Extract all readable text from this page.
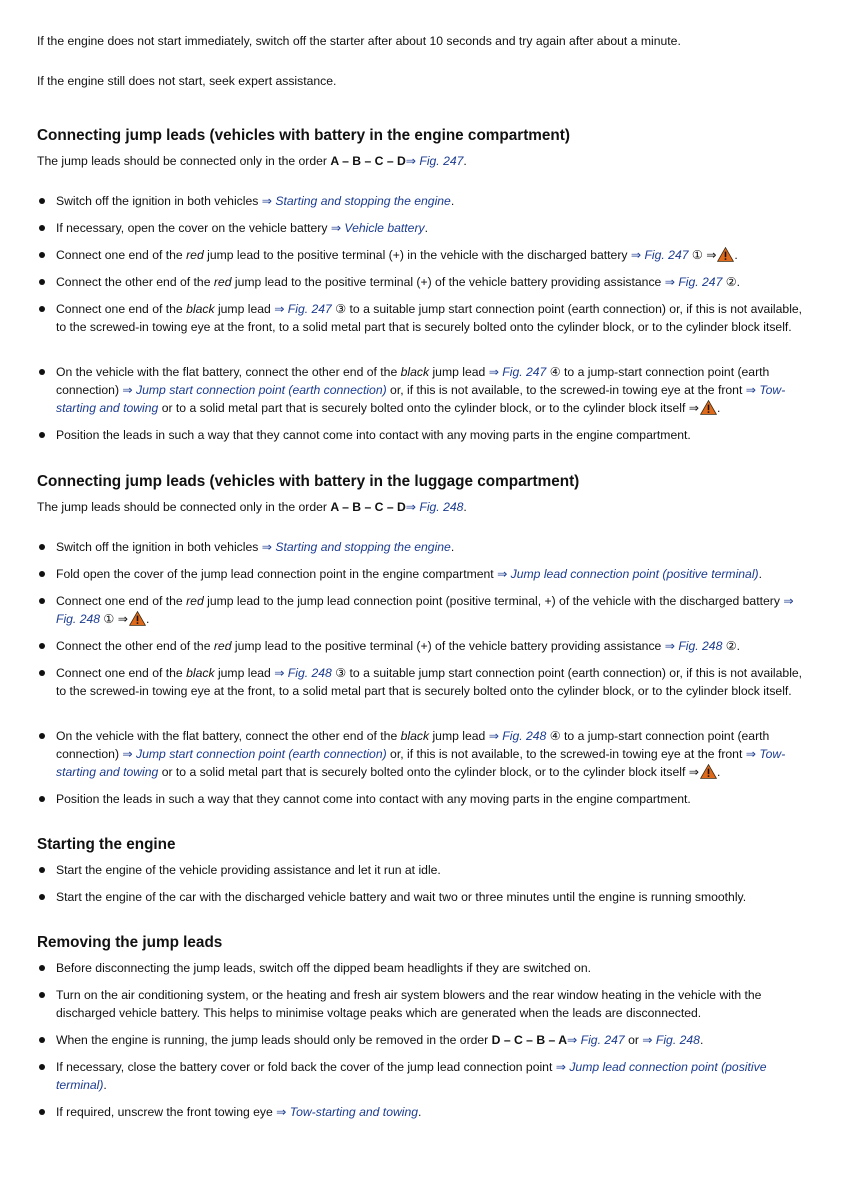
If the engine does not start immediately, switch off the starter after about 10 seconds and try again after about a minute.

If the engine still does not start, seek expert assistance.

Connecting jump leads (vehicles with battery in the engine compartment)

The jump leads should be connected only in the order A – B – C – D⇒ Fig. 247.

Switch off the ignition in both vehicles ⇒ Starting and stopping the engine.
If necessary, open the cover on the vehicle battery ⇒ Vehicle battery.
Connect one end of the red jump lead to the positive terminal (+) in the vehicle with the discharged battery ⇒ Fig. 247 ① ⇒ .
Connect the other end of the red jump lead to the positive terminal (+) of the vehicle battery providing assistance ⇒ Fig. 247 ②.
Connect one end of the black jump lead ⇒ Fig. 247 ③ to a suitable jump start connection point (earth connection) or, if this is not available, to the screwed-in towing eye at the front, to a solid metal part that is securely bolted onto the cylinder block, or to the cylinder block itself.
On the vehicle with the flat battery, connect the other end of the black jump lead ⇒ Fig. 247 ④ to a jump-start connection point (earth connection) ⇒ Jump start connection point (earth connection) or, if this is not available, to the screwed-in towing eye at the front ⇒ Tow-starting and towing or to a solid metal part that is securely bolted onto the cylinder block, or to the cylinder block itself ⇒ .
Position the leads in such a way that they cannot come into contact with any moving parts in the engine compartment.
Connecting jump leads (vehicles with battery in the luggage compartment)

The jump leads should be connected only in the order A – B – C – D⇒ Fig. 248.

Switch off the ignition in both vehicles ⇒ Starting and stopping the engine.
Fold open the cover of the jump lead connection point in the engine compartment ⇒ Jump lead connection point (positive terminal).
Connect one end of the red jump lead to the jump lead connection point (positive terminal, +) of the vehicle with the discharged battery ⇒ Fig. 248 ① ⇒ .
Connect the other end of the red jump lead to the positive terminal (+) of the vehicle battery providing assistance ⇒ Fig. 248 ②.
Connect one end of the black jump lead ⇒ Fig. 248 ③ to a suitable jump start connection point (earth connection) or, if this is not available, to the screwed-in towing eye at the front, to a solid metal part that is securely bolted onto the cylinder block, or to the cylinder block itself.
On the vehicle with the flat battery, connect the other end of the black jump lead ⇒ Fig. 248 ④ to a jump-start connection point (earth connection) ⇒ Jump start connection point (earth connection) or, if this is not available, to the screwed-in towing eye at the front ⇒ Tow-starting and towing or to a solid metal part that is securely bolted onto the cylinder block, or to the cylinder block itself ⇒ .
Position the leads in such a way that they cannot come into contact with any moving parts in the engine compartment.
Starting the engine
Start the engine of the vehicle providing assistance and let it run at idle.
Start the engine of the car with the discharged vehicle battery and wait two or three minutes until the engine is running smoothly.
Removing the jump leads
Before disconnecting the jump leads, switch off the dipped beam headlights if they are switched on.
Turn on the air conditioning system, or the heating and fresh air system blowers and the rear window heating in the vehicle with the discharged vehicle battery. This helps to minimise voltage peaks which are generated when the leads are disconnected.
When the engine is running, the jump leads should only be removed in the order D – C – B – A⇒ Fig. 247 or ⇒ Fig. 248.
If necessary, close the battery cover or fold back the cover of the jump lead connection point ⇒ Jump lead connection point (positive terminal).
If required, unscrew the front towing eye ⇒ Tow-starting and towing.
